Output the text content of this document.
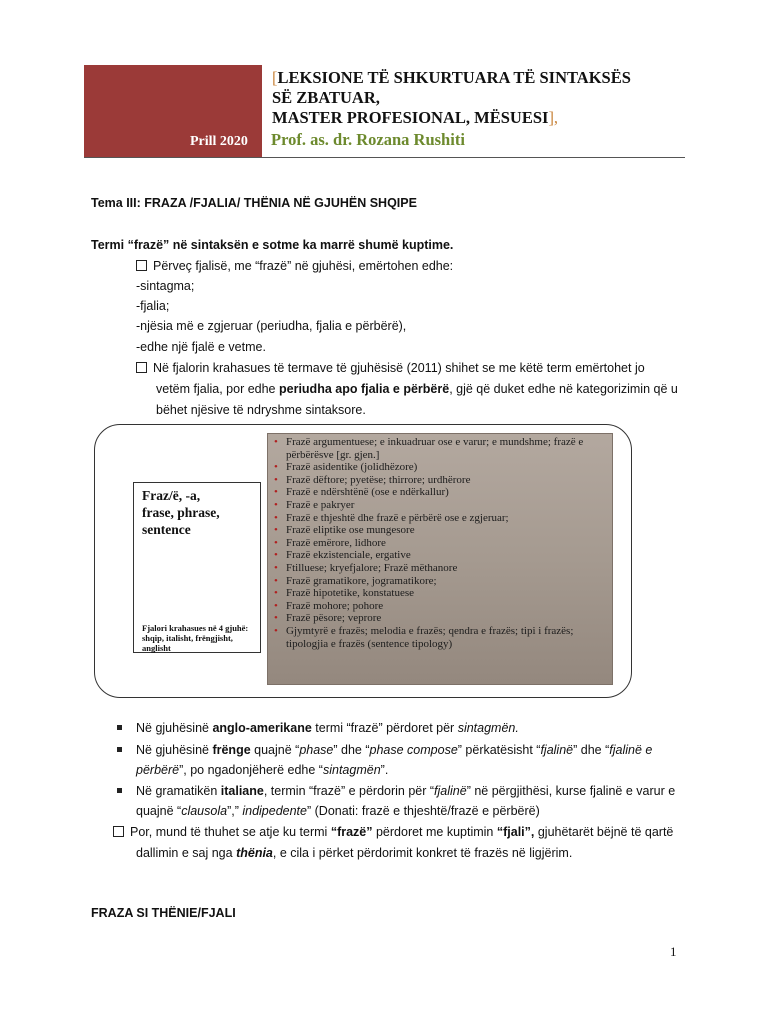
Prill 2020
[LEKSIONE TË SHKURTUARA TË SINTAKSËS
SË ZBATUAR,
MASTER PROFESIONAL, MËSUESI],
Prof. as. dr. Rozana Rushiti
Tema III: FRAZA /FJALIA/ THËNIA NË GJUHËN SHQIPE
Termi “frazë” në sintaksën e sotme ka marrë shumë kuptime.
Përveç fjalisë, me “frazë” në gjuhësi, emërtohen edhe:
-sintagma;
-fjalia;
-njësia më e zgjeruar (periudha, fjalia e përbërë),
-edhe një fjalë e vetme.
Në fjalorin krahasues të termave të gjuhësisë (2011) shihet se me këtë term emërtohet jo
vetëm fjalia, por edhe periudha apo fjalia e përbërë, gjë që duket edhe në kategorizimin që u
bëhet njësive të ndryshme sintaksore.
Fraz/ë, -a,
frase, phrase,
sentence
Fjalori krahasues në 4 gjuhë: shqip, italisht, frëngjisht, anglisht
• Frazë argumentuese; e inkuadruar ose e varur; e mundshme; frazë e përbërësve [gr. gjen.]
• Frazë asidentike (jolidhëzore)
• Frazë dëftore; pyetëse; thirrore; urdhërore
• Frazë e ndërshtënë (ose e ndërkallur)
• Frazë e pakryer
• Frazë e thjeshtë dhe frazë e përbërë ose e zgjeruar;
• Frazë eliptike ose mungesore
• Frazë emërore, lidhore
• Frazë ekzistenciale, ergative
• Ftilluese; kryefjalore; Frazë mëthanore
• Frazë gramatikore, jogramatikore;
• Frazë hipotetike, konstatuese
• Frazë mohore; pohore
• Frazë pësore; veprore
• Gjymtyrë e frazës; melodia e frazës; qendra e frazës; tipi i frazës; tipologjia e frazës (sentence tipology)
Në gjuhësinë anglo-amerikane termi “frazë” përdoret për sintagmën.
Në gjuhësinë frënge quajnë “phase” dhe “phase compose” përkatësisht “fjalinë” dhe “fjalinë e
përbërë”, po ngadonjëherë edhe “sintagmën”.
Në gramatikën italiane, termin “frazë” e përdorin për “fjalinë” në përgjithësi, kurse fjalinë e varur e
quajnë “clausola”,” indipedente” (Donati: frazë e thjeshtë/frazë e përbërë)
Por, mund të thuhet se atje ku termi “frazë” përdoret me kuptimin “fjali”, gjuhëtarët bëjnë të qartë
dallimin e saj nga thënia, e cila i përket përdorimit konkret të frazës në ligjërim.
FRAZA SI THËNIE/FJALI
1
